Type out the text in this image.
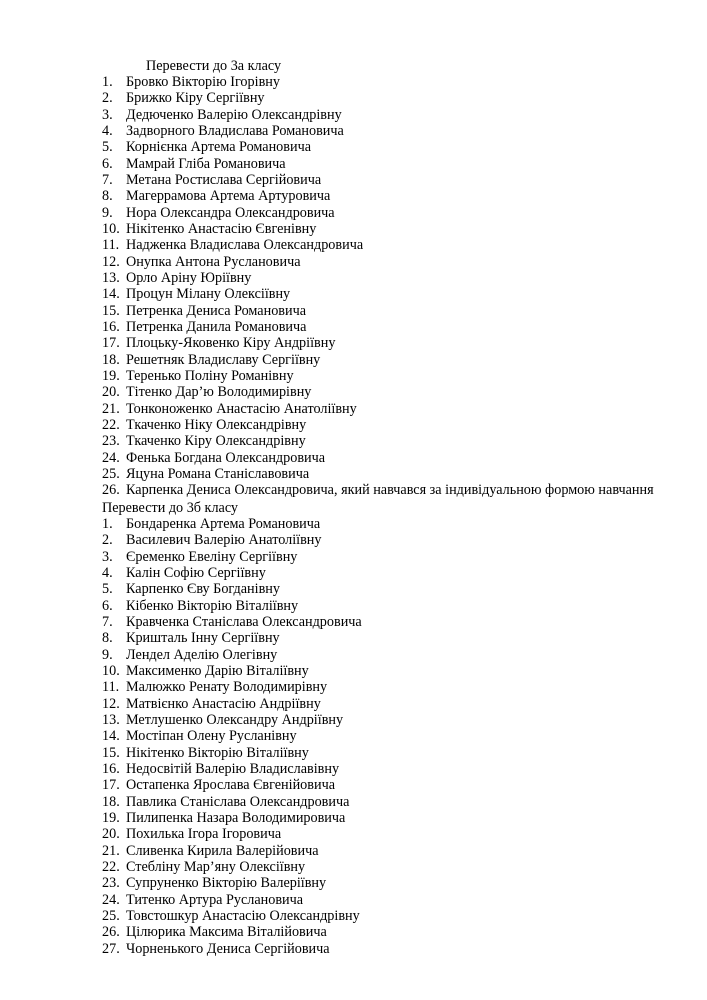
Перевести до 3а класу
1. Бровко Вікторію Ігорівну
2. Брижко Кіру Сергіївну
3. Дедюченко Валерію Олександрівну
4. Задворного Владислава Романовича
5. Корнієнка Артема Романовича
6. Мамрай Гліба Романовича
7. Метана Ростислава Сергійовича
8. Магеррамова Артема Артуровича
9. Нора Олександра Олександровича
10. Нікітенко Анастасію Євгенівну
11. Надженка Владислава Олександровича
12. Онупка Антона Руслановича
13. Орло Аріну Юріївну
14. Процун Мілану Олексіївну
15. Петренка Дениса Романовича
16. Петренка Данила Романовича
17. Плоцьку-Яковенко Кіру Андріївну
18. Решетняк Владиславу Сергіївну
19. Теренько Поліну Романівну
20. Тітенко Дар’ю Володимирівну
21. Тонконоженко Анастасію Анатоліївну
22. Ткаченко Ніку Олександрівну
23. Ткаченко Кіру Олександрівну
24. Фенька Богдана Олександровича
25. Яцуна Романа Станіславовича
26. Карпенка Дениса Олександровича, який навчався за індивідуальною формою навчання
Перевести до 3б класу
1. Бондаренка Артема Романовича
2. Василевич Валерію Анатоліївну
3. Єременко Евеліну Сергіївну
4. Калін Софію Сергіївну
5. Карпенко Єву Богданівну
6. Кібенко Вікторію Віталіївну
7. Кравченка Станіслава Олександровича
8. Кришталь Інну Сергіївну
9. Лендел Аделію Олегівну
10. Максименко Дарію Віталіївну
11. Малюжко Ренату Володимирівну
12. Матвієнко Анастасію Андріївну
13. Метлушенко Олександру Андріївну
14. Мостіпан Олену Русланівну
15. Нікітенко Вікторію Віталіївну
16. Недосвітій Валерію Владиславівну
17. Остапенка Ярослава Євгенійовича
18. Павлика Станіслава Олександровича
19. Пилипенка Назара Володимировича
20. Похилька Ігора Ігоровича
21. Сливенка Кирила Валерійовича
22. Стебліну Мар’яну Олексіївну
23. Супруненко Вікторію Валеріївну
24. Титенко Артура Руслановича
25. Товстошкур Анастасію Олександрівну
26. Цілюрика Максима Віталійовича
27. Чорненького Дениса Сергійовича
